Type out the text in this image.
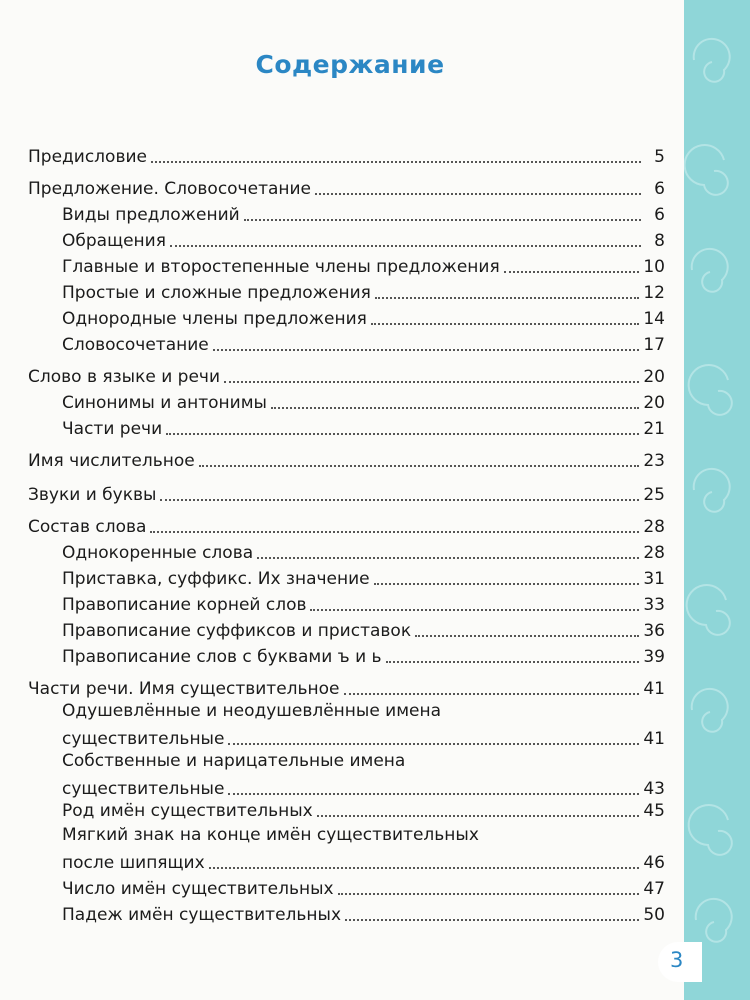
Содержание
Предисловие	5
Предложение. Словосочетание	6
Виды предложений	6
Обращения	8
Главные и второстепенные члены предложения	10
Простые и сложные предложения	12
Однородные члены предложения	14
Словосочетание	17
Слово в языке и речи	20
Синонимы и антонимы	20
Части речи	21
Имя числительное	23
Звуки и буквы	25
Состав слова	28
Однокоренные слова	28
Приставка, суффикс. Их значение	31
Правописание корней слов	33
Правописание суффиксов и приставок	36
Правописание слов с буквами ъ и ь	39
Части речи. Имя существительное	41
Одушевлённые и неодушевлённые имена
существительные	41
Собственные и нарицательные имена
существительные	43
Род имён существительных	45
Мягкий знак на конце имён существительных
после шипящих	46
Число имён существительных	47
Падеж имён существительных	50
3
